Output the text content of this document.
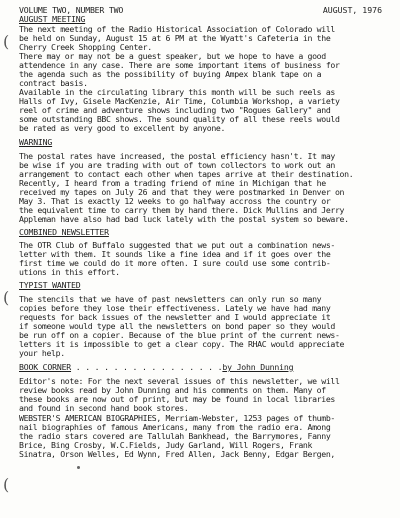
VOLUME TWO, NUMBER TWO	AUGUST, 1976
(
(
(
AUGUST MEETING
The next meeting of the Radio Historical Association of Colorado will
be held on Sunday, August 15 at 6 PM at the Wyatt's Cafeteria in the
Cherry Creek Shopping Center.
There may or may not be a guest speaker, but we hope to have a good
attendence in any case. There are some important items of business for
the agenda such as the possibility of buying Ampex blank tape on a
contract basis.
Available in the circulating library this month will be such reels as
Halls of Ivy, Gisele MacKenzie, Air Time, Columbia Workshop, a variety
reel of crime and adventure shows including two "Rogues Gallery" and
some outstanding BBC shows. The sound quality of all these reels would
be rated as very good to excellent by anyone.
WARNING
The postal rates have increased, the postal efficiency hasn't. It may
be wise if you are trading with out of town collectors to work out an
arrangement to contact each other when tapes arrive at their destination.
Recently, I heard from a trading friend of mine in Michigan that he
received my tapes on July 26 and that they were postmarked in Denver on
May 3. That is exactly 12 weeks to go halfway accross the country or
the equivalent time to carry them by hand there. Dick Mullins and Jerry
Appleman have also had bad luck lately with the postal system so beware.
COMBINED NEWSLETTER
The OTR Club of Buffalo suggested that we put out a combination news-
letter with them. It sounds like a fine idea and if it goes over the
first time we could do it more often. I sure could use some contrib-
utions in this effort.
TYPIST WANTED
The stencils that we have of past newsletters can only run so many
copies before they lose their effectiveness. Lately we have had many
requests for back issues of the newsletter and I would appreciate it
if someone would type all the newsletters on bond paper so they would
be run off on a copier. Because of the blue print of the current news-
letters it is impossible to get a clear copy. The RHAC would appreciate
your help.
BOOK CORNER . . . . . . . . . . . . . . . .by John Dunning
Editor's note: For the next several issues of this newsletter, we will
review books read by John Dunning and his comments on them. Many of
these books are now out of print, but may be found in local libraries
and found in second hand book stores.
WEBSTER'S AMERICAN BIOGRAPHIES, Merriam-Webster, 1253 pages of thumb-
nail biographies of famous Americans, many from the radio era. Among
the radio stars covered are Tallulah Bankhead, the Barrymores, Fanny
Brice, Bing Crosby, W.C.Fields, Judy Garland, Will Rogers, Frank
Sinatra, Orson Welles, Ed Wynn, Fred Allen, Jack Benny, Edgar Bergen,
